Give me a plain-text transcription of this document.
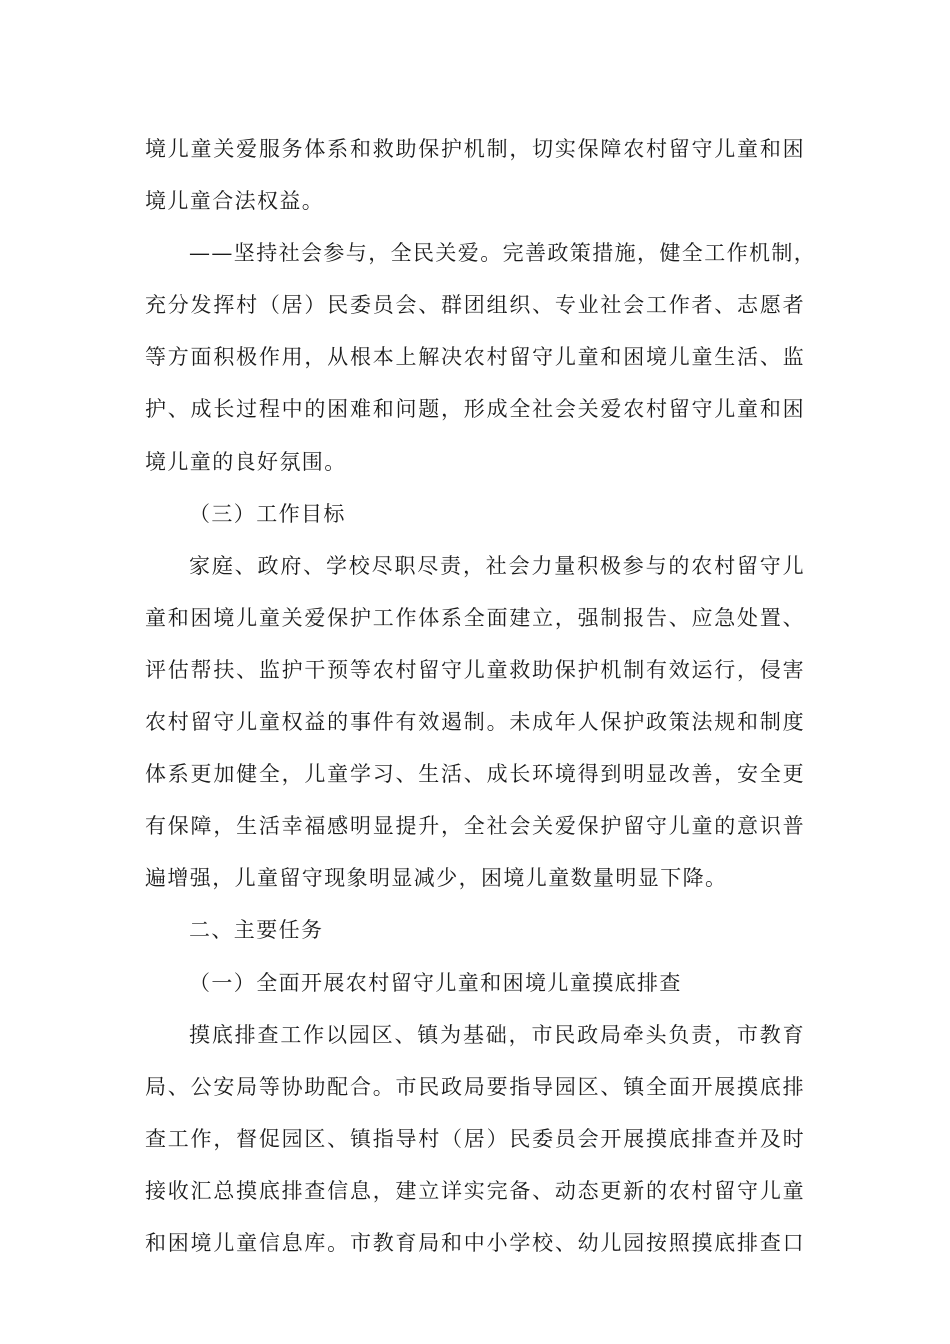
境儿童关爱服务体系和救助保护机制，切实保障农村留守儿童和困
境儿童合法权益。
——坚持社会参与，全民关爱。完善政策措施，健全工作机制，
充分发挥村（居）民委员会、群团组织、专业社会工作者、志愿者
等方面积极作用，从根本上解决农村留守儿童和困境儿童生活、监
护、成长过程中的困难和问题，形成全社会关爱农村留守儿童和困
境儿童的良好氛围。
（三）工作目标
家庭、政府、学校尽职尽责，社会力量积极参与的农村留守儿
童和困境儿童关爱保护工作体系全面建立，强制报告、应急处置、
评估帮扶、监护干预等农村留守儿童救助保护机制有效运行，侵害
农村留守儿童权益的事件有效遏制。未成年人保护政策法规和制度
体系更加健全，儿童学习、生活、成长环境得到明显改善，安全更
有保障，生活幸福感明显提升，全社会关爱保护留守儿童的意识普
遍增强，儿童留守现象明显减少，困境儿童数量明显下降。
二、主要任务
（一）全面开展农村留守儿童和困境儿童摸底排查
摸底排查工作以园区、镇为基础，市民政局牵头负责，市教育
局、公安局等协助配合。市民政局要指导园区、镇全面开展摸底排
查工作，督促园区、镇指导村（居）民委员会开展摸底排查并及时
接收汇总摸底排查信息，建立详实完备、动态更新的农村留守儿童
和困境儿童信息库。市教育局和中小学校、幼儿园按照摸底排查口
